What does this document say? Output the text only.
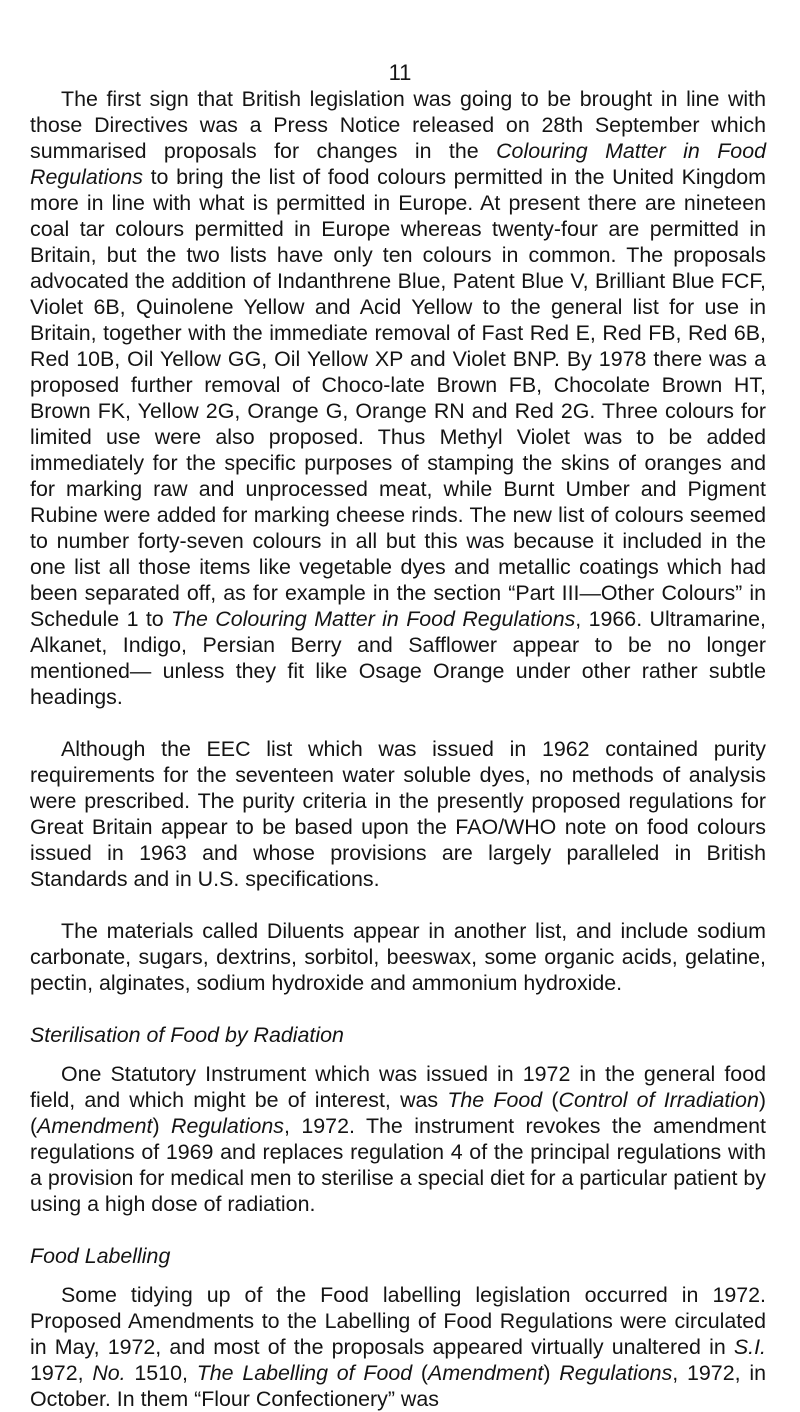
11

The first sign that British legislation was going to be brought in line with those Directives was a Press Notice released on 28th September which summarised proposals for changes in the Colouring Matter in Food Regulations to bring the list of food colours permitted in the United Kingdom more in line with what is permitted in Europe. At present there are nineteen coal tar colours permitted in Europe whereas twenty-four are permitted in Britain, but the two lists have only ten colours in common. The proposals advocated the addition of Indanthrene Blue, Patent Blue V, Brilliant Blue FCF, Violet 6B, Quinolene Yellow and Acid Yellow to the general list for use in Britain, together with the immediate removal of Fast Red E, Red FB, Red 6B, Red 10B, Oil Yellow GG, Oil Yellow XP and Violet BNP. By 1978 there was a proposed further removal of Choco-late Brown FB, Chocolate Brown HT, Brown FK, Yellow 2G, Orange G, Orange RN and Red 2G. Three colours for limited use were also proposed. Thus Methyl Violet was to be added immediately for the specific purposes of stamping the skins of oranges and for marking raw and unprocessed meat, while Burnt Umber and Pigment Rubine were added for marking cheese rinds. The new list of colours seemed to number forty-seven colours in all but this was because it included in the one list all those items like vegetable dyes and metallic coatings which had been separated off, as for example in the section “Part III—Other Colours” in Schedule 1 to The Colouring Matter in Food Regulations, 1966. Ultramarine, Alkanet, Indigo, Persian Berry and Safflower appear to be no longer mentioned— unless they fit like Osage Orange under other rather subtle headings.

Although the EEC list which was issued in 1962 contained purity requirements for the seventeen water soluble dyes, no methods of analysis were prescribed. The purity criteria in the presently proposed regulations for Great Britain appear to be based upon the FAO/WHO note on food colours issued in 1963 and whose provisions are largely paralleled in British Standards and in U.S. specifications.

The materials called Diluents appear in another list, and include sodium carbonate, sugars, dextrins, sorbitol, beeswax, some organic acids, gelatine, pectin, alginates, sodium hydroxide and ammonium hydroxide.

Sterilisation of Food by Radiation

One Statutory Instrument which was issued in 1972 in the general food field, and which might be of interest, was The Food (Control of Irradiation) (Amendment) Regulations, 1972. The instrument revokes the amendment regulations of 1969 and replaces regulation 4 of the principal regulations with a provision for medical men to sterilise a special diet for a particular patient by using a high dose of radiation.

Food Labelling

Some tidying up of the Food labelling legislation occurred in 1972. Proposed Amendments to the Labelling of Food Regulations were circulated in May, 1972, and most of the proposals appeared virtually unaltered in S.I. 1972, No. 1510, The Labelling of Food (Amendment) Regulations, 1972, in October. In them “Flour Confectionery” was
